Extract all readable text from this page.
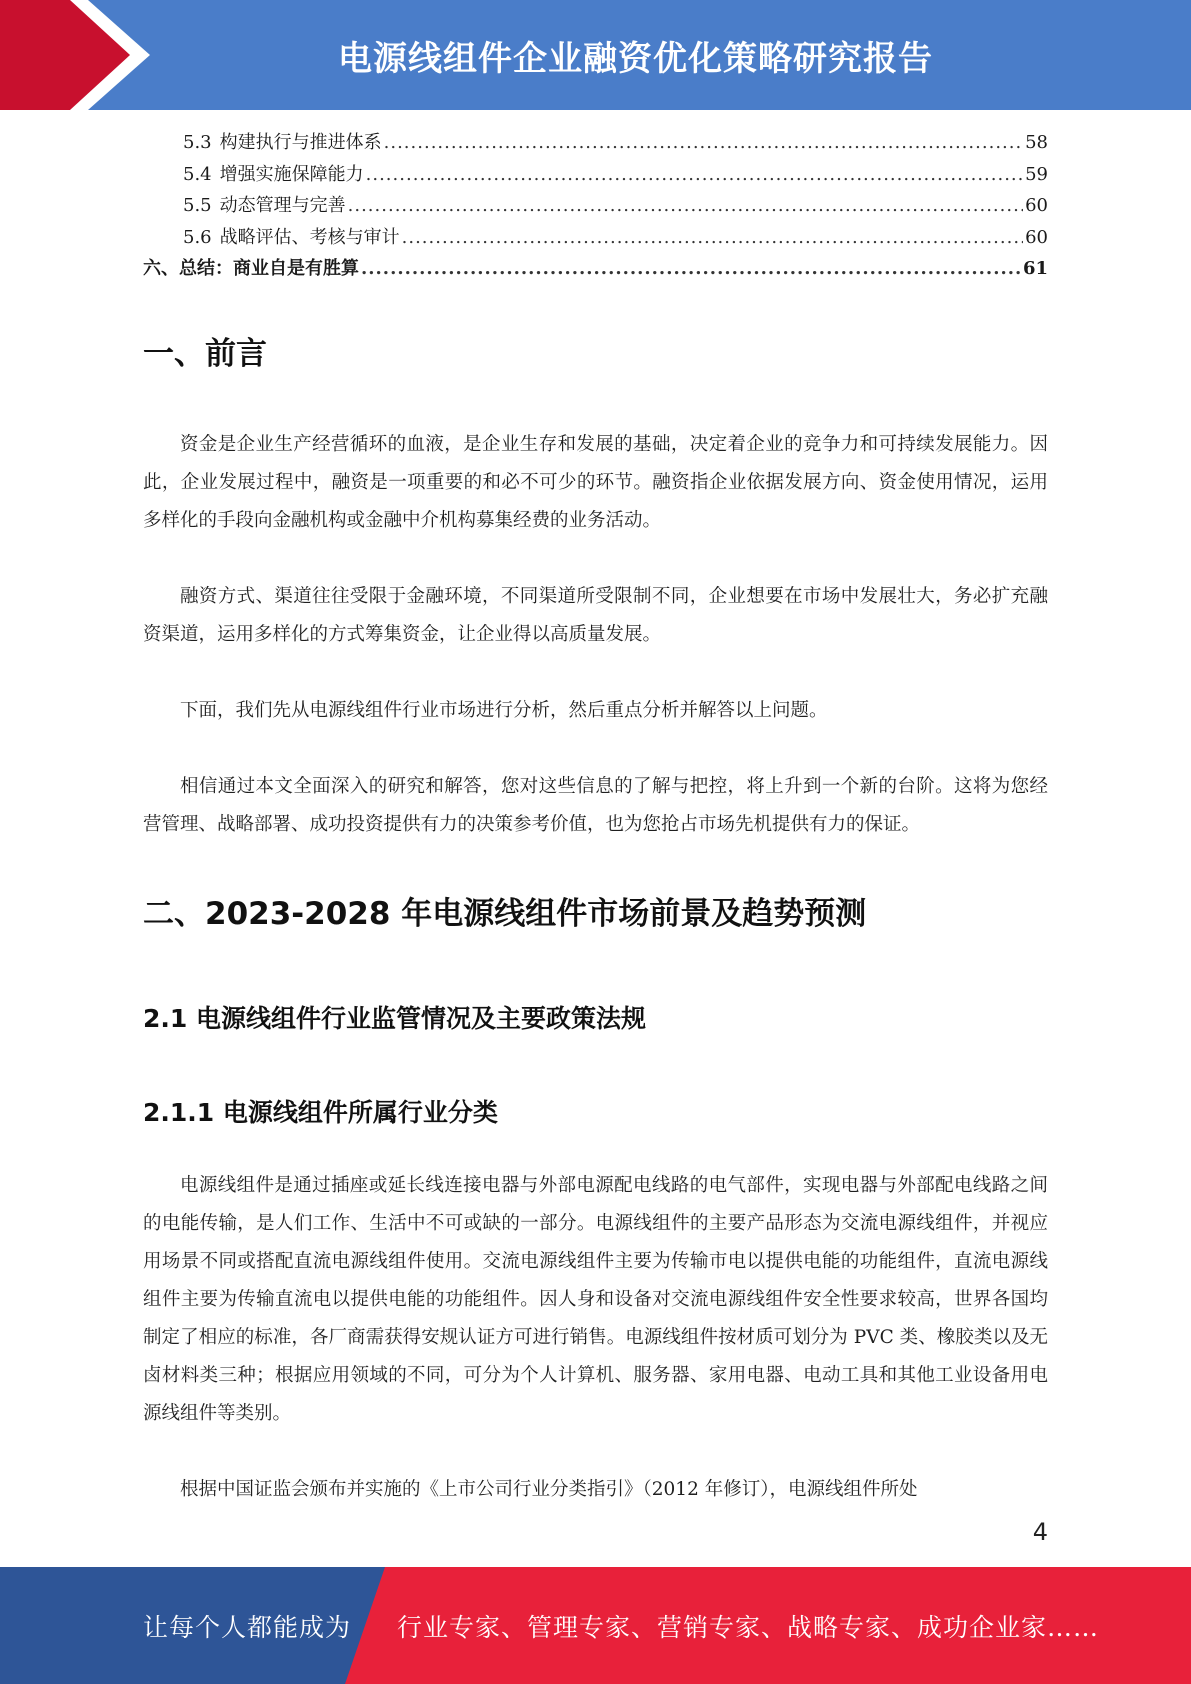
电源线组件企业融资优化策略研究报告
5.3 构建执行与推进体系 .....	58
5.4 增强实施保障能力 .....	59
5.5 动态管理与完善 .....	60
5.6 战略评估、考核与审计 .....	60
六、总结：商业自是有胜算 .....	61
一、前言

资金是企业生产经营循环的血液，是企业生存和发展的基础，决定着企业的竞争力和可持续发展能力。因此，企业发展过程中，融资是一项重要的和必不可少的环节。融资指企业依据发展方向、资金使用情况，运用多样化的手段向金融机构或金融中介机构募集经费的业务活动。

融资方式、渠道往往受限于金融环境，不同渠道所受限制不同，企业想要在市场中发展壮大，务必扩充融资渠道，运用多样化的方式筹集资金，让企业得以高质量发展。

下面，我们先从电源线组件行业市场进行分析，然后重点分析并解答以上问题。

相信通过本文全面深入的研究和解答，您对这些信息的了解与把控，将上升到一个新的台阶。这将为您经营管理、战略部署、成功投资提供有力的决策参考价值，也为您抢占市场先机提供有力的保证。

二、2023-2028 年电源线组件市场前景及趋势预测
2.1 电源线组件行业监管情况及主要政策法规
2.1.1 电源线组件所属行业分类

电源线组件是通过插座或延长线连接电器与外部电源配电线路的电气部件，实现电器与外部配电线路之间的电能传输，是人们工作、生活中不可或缺的一部分。电源线组件的主要产品形态为交流电源线组件，并视应用场景不同或搭配直流电源线组件使用。交流电源线组件主要为传输市电以提供电能的功能组件，直流电源线组件主要为传输直流电以提供电能的功能组件。因人身和设备对交流电源线组件安全性要求较高，世界各国均制定了相应的标准，各厂商需获得安规认证方可进行销售。电源线组件按材质可划分为 PVC 类、橡胶类以及无卤材料类三种；根据应用领域的不同，可分为个人计算机、服务器、家用电器、电动工具和其他工业设备用电源线组件等类别。

根据中国证监会颁布并实施的《上市公司行业分类指引》（2012 年修订），电源线组件所处

4
让每个人都能成为 行业专家、管理专家、营销专家、战略专家、成功企业家……
